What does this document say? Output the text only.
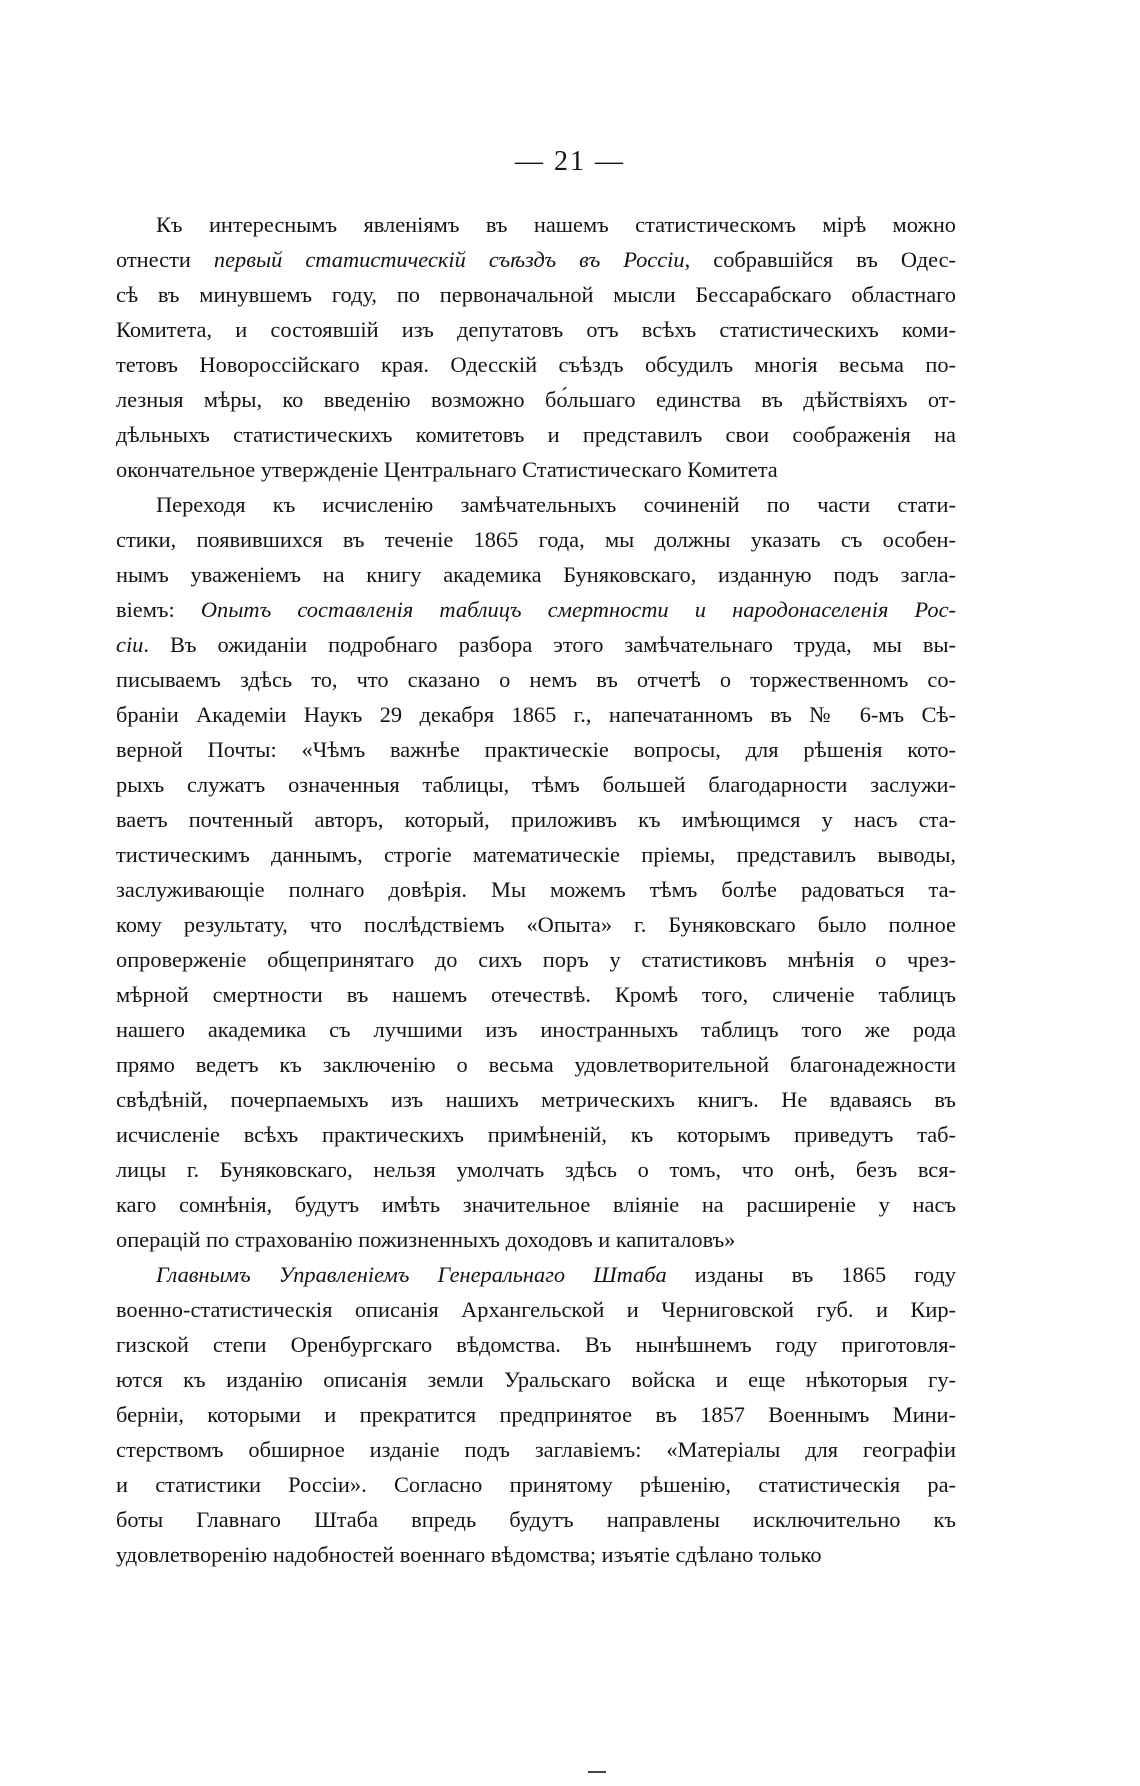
— 21 —
Къ интереснымъ явленіямъ въ нашемъ статистическомъ мірѣ можно
отнести первый статистическій съѣздъ въ Россіи, собравшійся въ Одес-
сѣ въ минувшемъ году, по первоначальной мысли Бессарабскаго областнаго
Комитета, и состоявшій изъ депутатовъ отъ всѣхъ статистическихъ коми-
тетовъ Новороссійскаго края. Одесскій съѣздъ обсудилъ многія весьма по-
лезныя мѣры, ко введенію возможно бо́льшаго единства въ дѣйствіяхъ от-
дѣльныхъ статистическихъ комитетовъ и представилъ свои соображенія на
окончательное утвержденіе Центральнаго Статистическаго Комитета
Переходя къ исчисленію замѣчательныхъ сочиненій по части стати-
стики, появившихся въ теченіе 1865 года, мы должны указать съ особен-
нымъ уваженіемъ на книгу академика Буняковскаго, изданную подъ загла-
віемъ: Опытъ составленія таблицъ смертности и народонаселенія Рос-
сіи. Въ ожиданіи подробнаго разбора этого замѣчательнаго труда, мы вы-
писываемъ здѣсь то, что сказано о немъ въ отчетѣ о торжественномъ со-
браніи Академіи Наукъ 29 декабря 1865 г., напечатанномъ въ № 6-мъ Сѣ-
верной Почты: «Чѣмъ важнѣе практическіе вопросы, для рѣшенія кото-
рыхъ служатъ означенныя таблицы, тѣмъ большей благодарности заслужи-
ваетъ почтенный авторъ, который, приложивъ къ имѣющимся у насъ ста-
тистическимъ даннымъ, строгіе математическіе пріемы, представилъ выводы,
заслуживающіе полнаго довѣрія. Мы можемъ тѣмъ болѣе радоваться та-
кому результату, что послѣдствіемъ «Опыта» г. Буняковскаго было полное
опроверженіе общепринятаго до сихъ поръ у статистиковъ мнѣнія о чрез-
мѣрной смертности въ нашемъ отечествѣ. Кромѣ того, сличеніе таблицъ
нашего академика съ лучшими изъ иностранныхъ таблицъ того же рода
прямо ведетъ къ заключенію о весьма удовлетворительной благонадежности
свѣдѣній, почерпаемыхъ изъ нашихъ метрическихъ книгъ. Не вдаваясь въ
исчисленіе всѣхъ практическихъ примѣненій, къ которымъ приведутъ таб-
лицы г. Буняковскаго, нельзя умолчать здѣсь о томъ, что онѣ, безъ вся-
каго сомнѣнія, будутъ имѣть значительное вліяніе на расширеніе у насъ
операцій по страхованію пожизненныхъ доходовъ и капиталовъ»
Главнымъ Управленіемъ Генеральнаго Штаба изданы въ 1865 году
военно-статистическія описанія Архангельской и Черниговской губ. и Кир-
гизской степи Оренбургскаго вѣдомства. Въ нынѣшнемъ году приготовля-
ются къ изданію описанія земли Уральскаго войска и еще нѣкоторыя гу-
берніи, которыми и прекратится предпринятое въ 1857 Военнымъ Мини-
стерствомъ обширное изданіе подъ заглавіемъ: «Матеріалы для географіи
и статистики Россіи». Согласно принятому рѣшенію, статистическія ра-
боты Главнаго Штаба впредь будутъ направлены исключительно къ
удовлетворенію надобностей военнаго вѣдомства; изъятіе сдѣлано только
